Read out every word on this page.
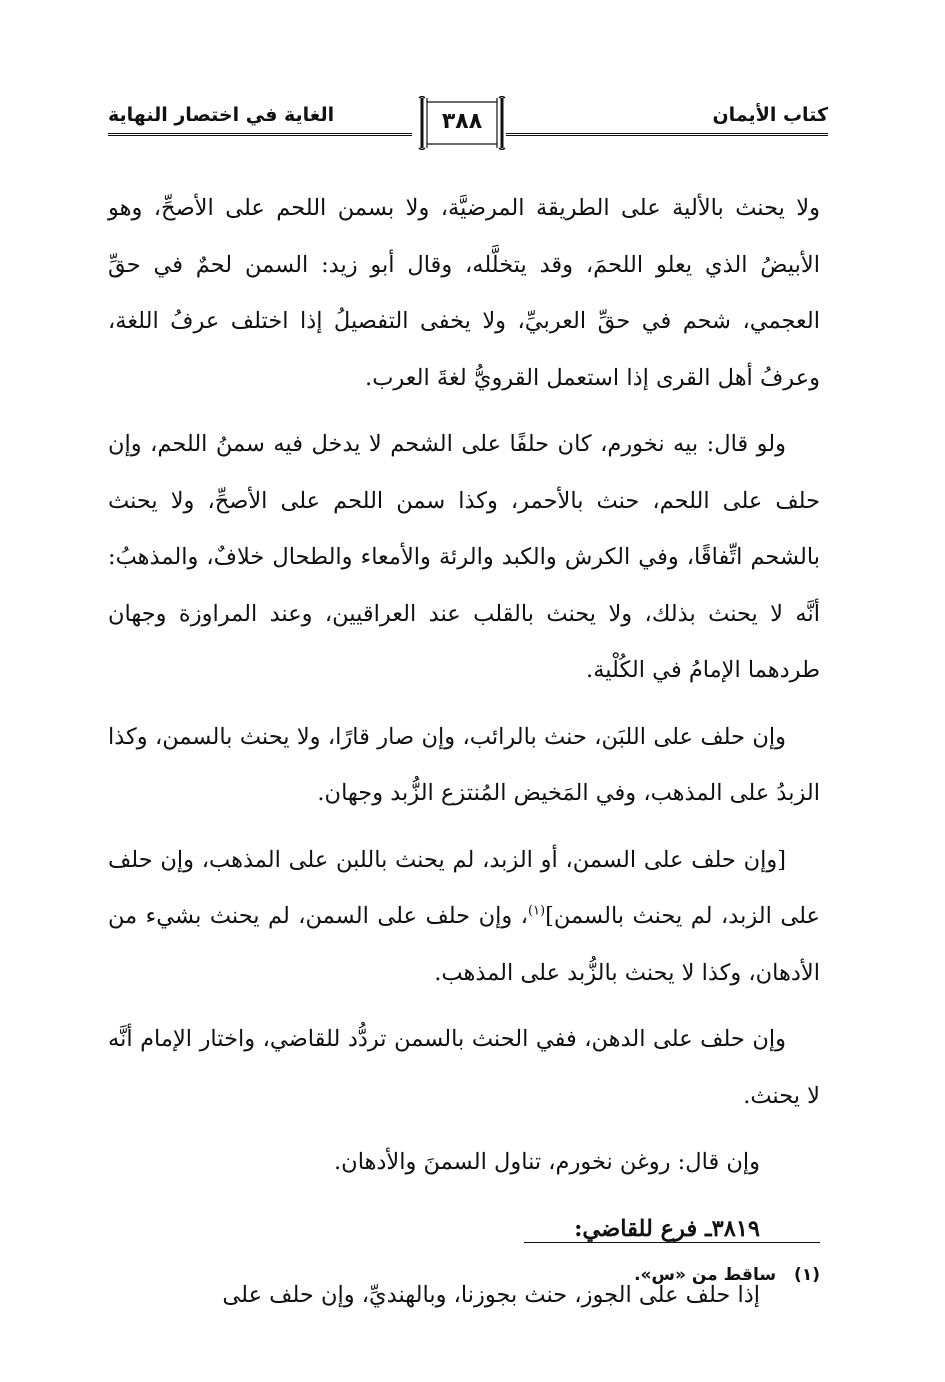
كتاب الأيمان
٣٨٨
الغاية في اختصار النهاية

ولا يحنث بالألية على الطريقة المرضيَّة، ولا بسمن اللحم على الأصحِّ، وهو الأبيضُ الذي يعلو اللحمَ، وقد يتخلَّله، وقال أبو زيد: السمن لحمٌ في حقِّ العجمي، شحم في حقِّ العربيِّ، ولا يخفى التفصيلُ إذا اختلف عرفُ اللغة، وعرفُ أهل القرى إذا استعمل القرويُّ لغةَ العرب.

ولو قال: بيه نخورم، كان حلفًا على الشحم لا يدخل فيه سمنُ اللحم، وإن حلف على اللحم، حنث بالأحمر، وكذا سمن اللحم على الأصحِّ، ولا يحنث بالشحم اتِّفاقًا، وفي الكرش والكبد والرئة والأمعاء والطحال خلافٌ، والمذهبُ: أنَّه لا يحنث بذلك، ولا يحنث بالقلب عند العراقيين، وعند المراوزة وجهان طردهما الإمامُ في الكُلْية.

وإن حلف على اللبَن، حنث بالرائب، وإن صار قارًا، ولا يحنث بالسمن، وكذا الزبدُ على المذهب، وفي المَخيض المُنتزع الزُّبد وجهان.

[وإن حلف على السمن، أو الزبد، لم يحنث باللبن على المذهب، وإن حلف على الزبد، لم يحنث بالسمن]$^{(١)}$، وإن حلف على السمن، لم يحنث بشيء من الأدهان، وكذا لا يحنث بالزُّبد على المذهب.

وإن حلف على الدهن، ففي الحنث بالسمن تردُّد للقاضي، واختار الإمام أنَّه لا يحنث.

وإن قال: روغن نخورم، تناول السمنَ والأدهان.

٣٨١٩ـ فرع للقاضي:

إذا حلف على الجوز، حنث بجوزنا، وبالهنديِّ، وإن حلف على

(١)ساقط من «س».
